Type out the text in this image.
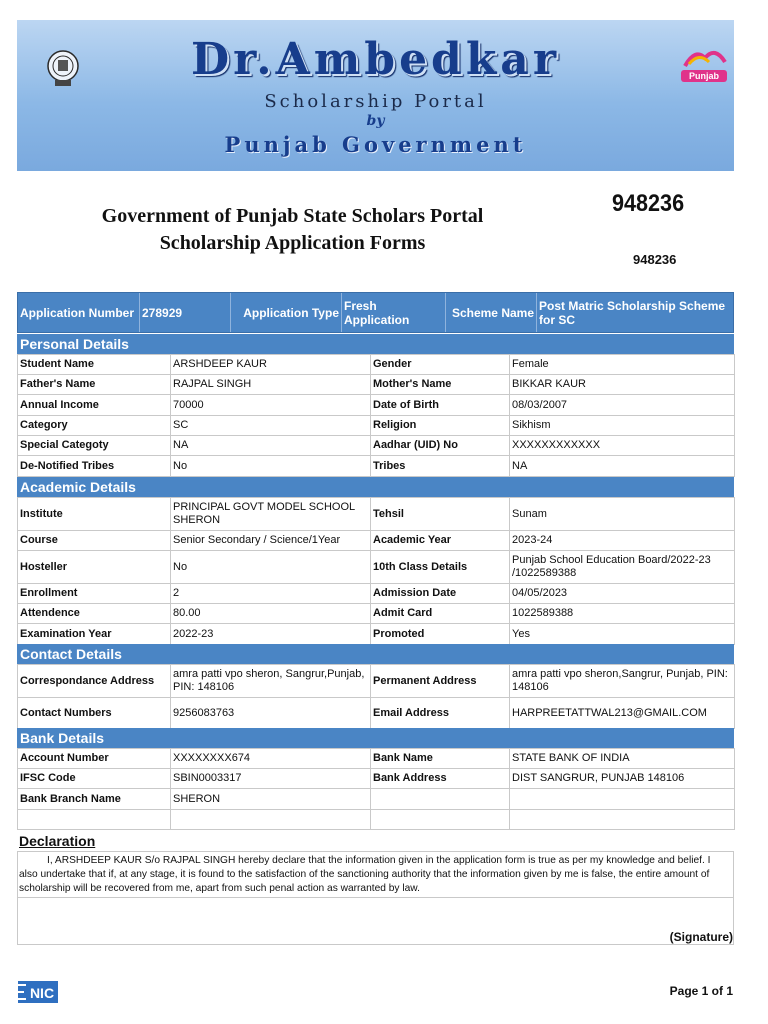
Dr.Ambedkar
Scholarship Portal
by
Punjab Government
Punjab
Government of Punjab State Scholars Portal
Scholarship Application Forms
948236
948236
Application Number 278929	Application Type Fresh Application	Scheme Name Post Matric Scholarship Scheme for SC
Personal Details
Student Name	ARSHDEEP KAUR	Gender	Female
Father's Name	RAJPAL SINGH	Mother's Name	BIKKAR KAUR
Annual Income	70000	Date of Birth	08/03/2007
Category	SC	Religion	Sikhism
Special Categoty	NA	Aadhar (UID) No	XXXXXXXXXXXX
De-Notified Tribes	No	Tribes	NA
Academic Details
Institute	PRINCIPAL GOVT MODEL SCHOOL SHERON	Tehsil	Sunam
Course	Senior Secondary / Science/1Year	Academic Year	2023-24
Hosteller	No	10th Class Details	Punjab School Education Board/2022-23 /1022589388
Enrollment	2	Admission Date	04/05/2023
Attendence	80.00	Admit Card	1022589388
Examination Year	2022-23	Promoted	Yes
Contact Details
Correspondance Address	amra patti vpo sheron, Sangrur,Punjab, PIN: 148106	Permanent Address	amra patti vpo sheron,Sangrur, Punjab, PIN: 148106
Contact Numbers	9256083763	Email Address	HARPREETATTWAL213@GMAIL.COM
Bank Details
Account Number	XXXXXXXX674	Bank Name	STATE BANK OF INDIA
IFSC Code	SBIN0003317	Bank Address	DIST SANGRUR, PUNJAB 148106
Bank Branch Name	SHERON		

Declaration
I, ARSHDEEP KAUR S/o RAJPAL SINGH hereby declare that the information given in the application form is true as per my knowledge and belief. I also undertake that if, at any stage, it is found to the satisfaction of the sanctioning authority that the information given by me is false, the entire amount of scholarship will be recovered from me, apart from such penal action as warranted by law.
(Signature)
NIC	Page 1 of 1
